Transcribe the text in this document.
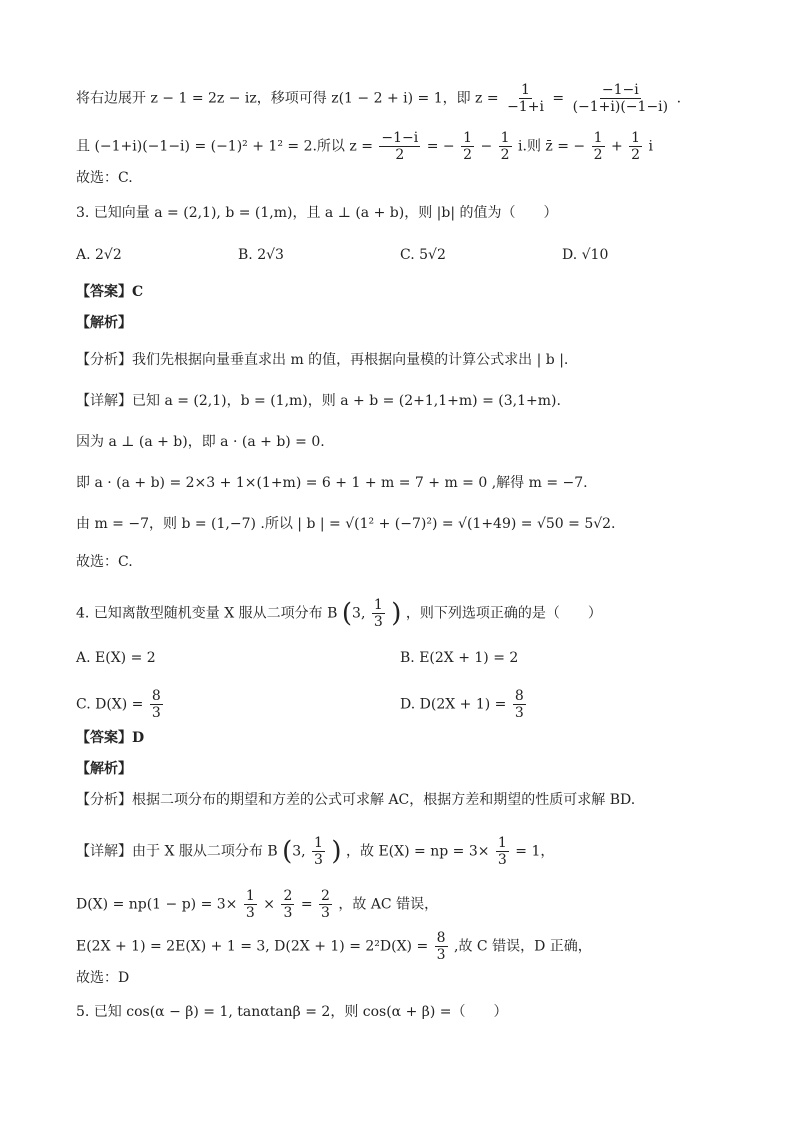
将右边展开 z − 1 = 2z − iz，移项可得 z(1 − 2 + i) = 1，即 $z = \frac{1}{-1+i} = \frac{-1-i}{(-1+i)(-1-i)}$ .
且 (−1+i)(−1−i) = (−1)² + 1² = 2.所以 $z = \frac{-1-i}{2}$ = − $\frac{1}{2} - \frac{1}{2} i$.则 z̄ = − $\frac{1}{2} + \frac{1}{2}$ i
故选：C.
3. 已知向量 a = (2,1), b = (1,m)，且 a ⊥ (a + b)，则 |b| 的值为（　　）
A. 2√2	B. 2√3	C. 5√2	D. √10
【答案】C
【解析】
【分析】我们先根据向量垂直求出 m 的值，再根据向量模的计算公式求出 | b |.
【详解】已知 a = (2,1)，b = (1,m)，则 a + b = (2+1,1+m) = (3,1+m).
因为 a ⊥ (a + b)，即 a · (a + b) = 0.
即 a · (a + b) = 2×3 + 1×(1+m) = 6 + 1 + m = 7 + m = 0 ,解得 m = −7.
由 m = −7，则 b = (1,−7) .所以 | b | = √(1² + (−7)²) = √(1+49) = √50 = 5√2.
故选：C.
4. 已知离散型随机变量 X 服从二项分布 B (3, $\frac{1}{3}$ ) ，则下列选项正确的是（　　）
A. E(X) = 2	B. E(2X + 1) = 2
C. $D(X) = \frac{8}{3}$	D. $D(2X + 1) = \frac{8}{3}$
【答案】D
【解析】
【分析】根据二项分布的期望和方差的公式可求解 AC，根据方差和期望的性质可求解 BD.
【详解】由于 X 服从二项分布 B (3, $\frac{1}{3}$ ) ，故 E(X) = np = $3\times \frac{1}{3} = 1$，
$D(X) = np(1 - p) = 3\times \frac{1}{3} \times \frac{2}{3} = \frac{2}{3}$ ，故 AC 错误，
E(2X + 1) = 2E(X) + 1 = 3, $D(2X + 1) = 2^2D(X) = \frac{8}{3}$ ,故 C 错误，D 正确，
故选：D
5. 已知 cos(α − β) = 1, tanαtanβ = 2，则 cos(α + β) =（　　）
